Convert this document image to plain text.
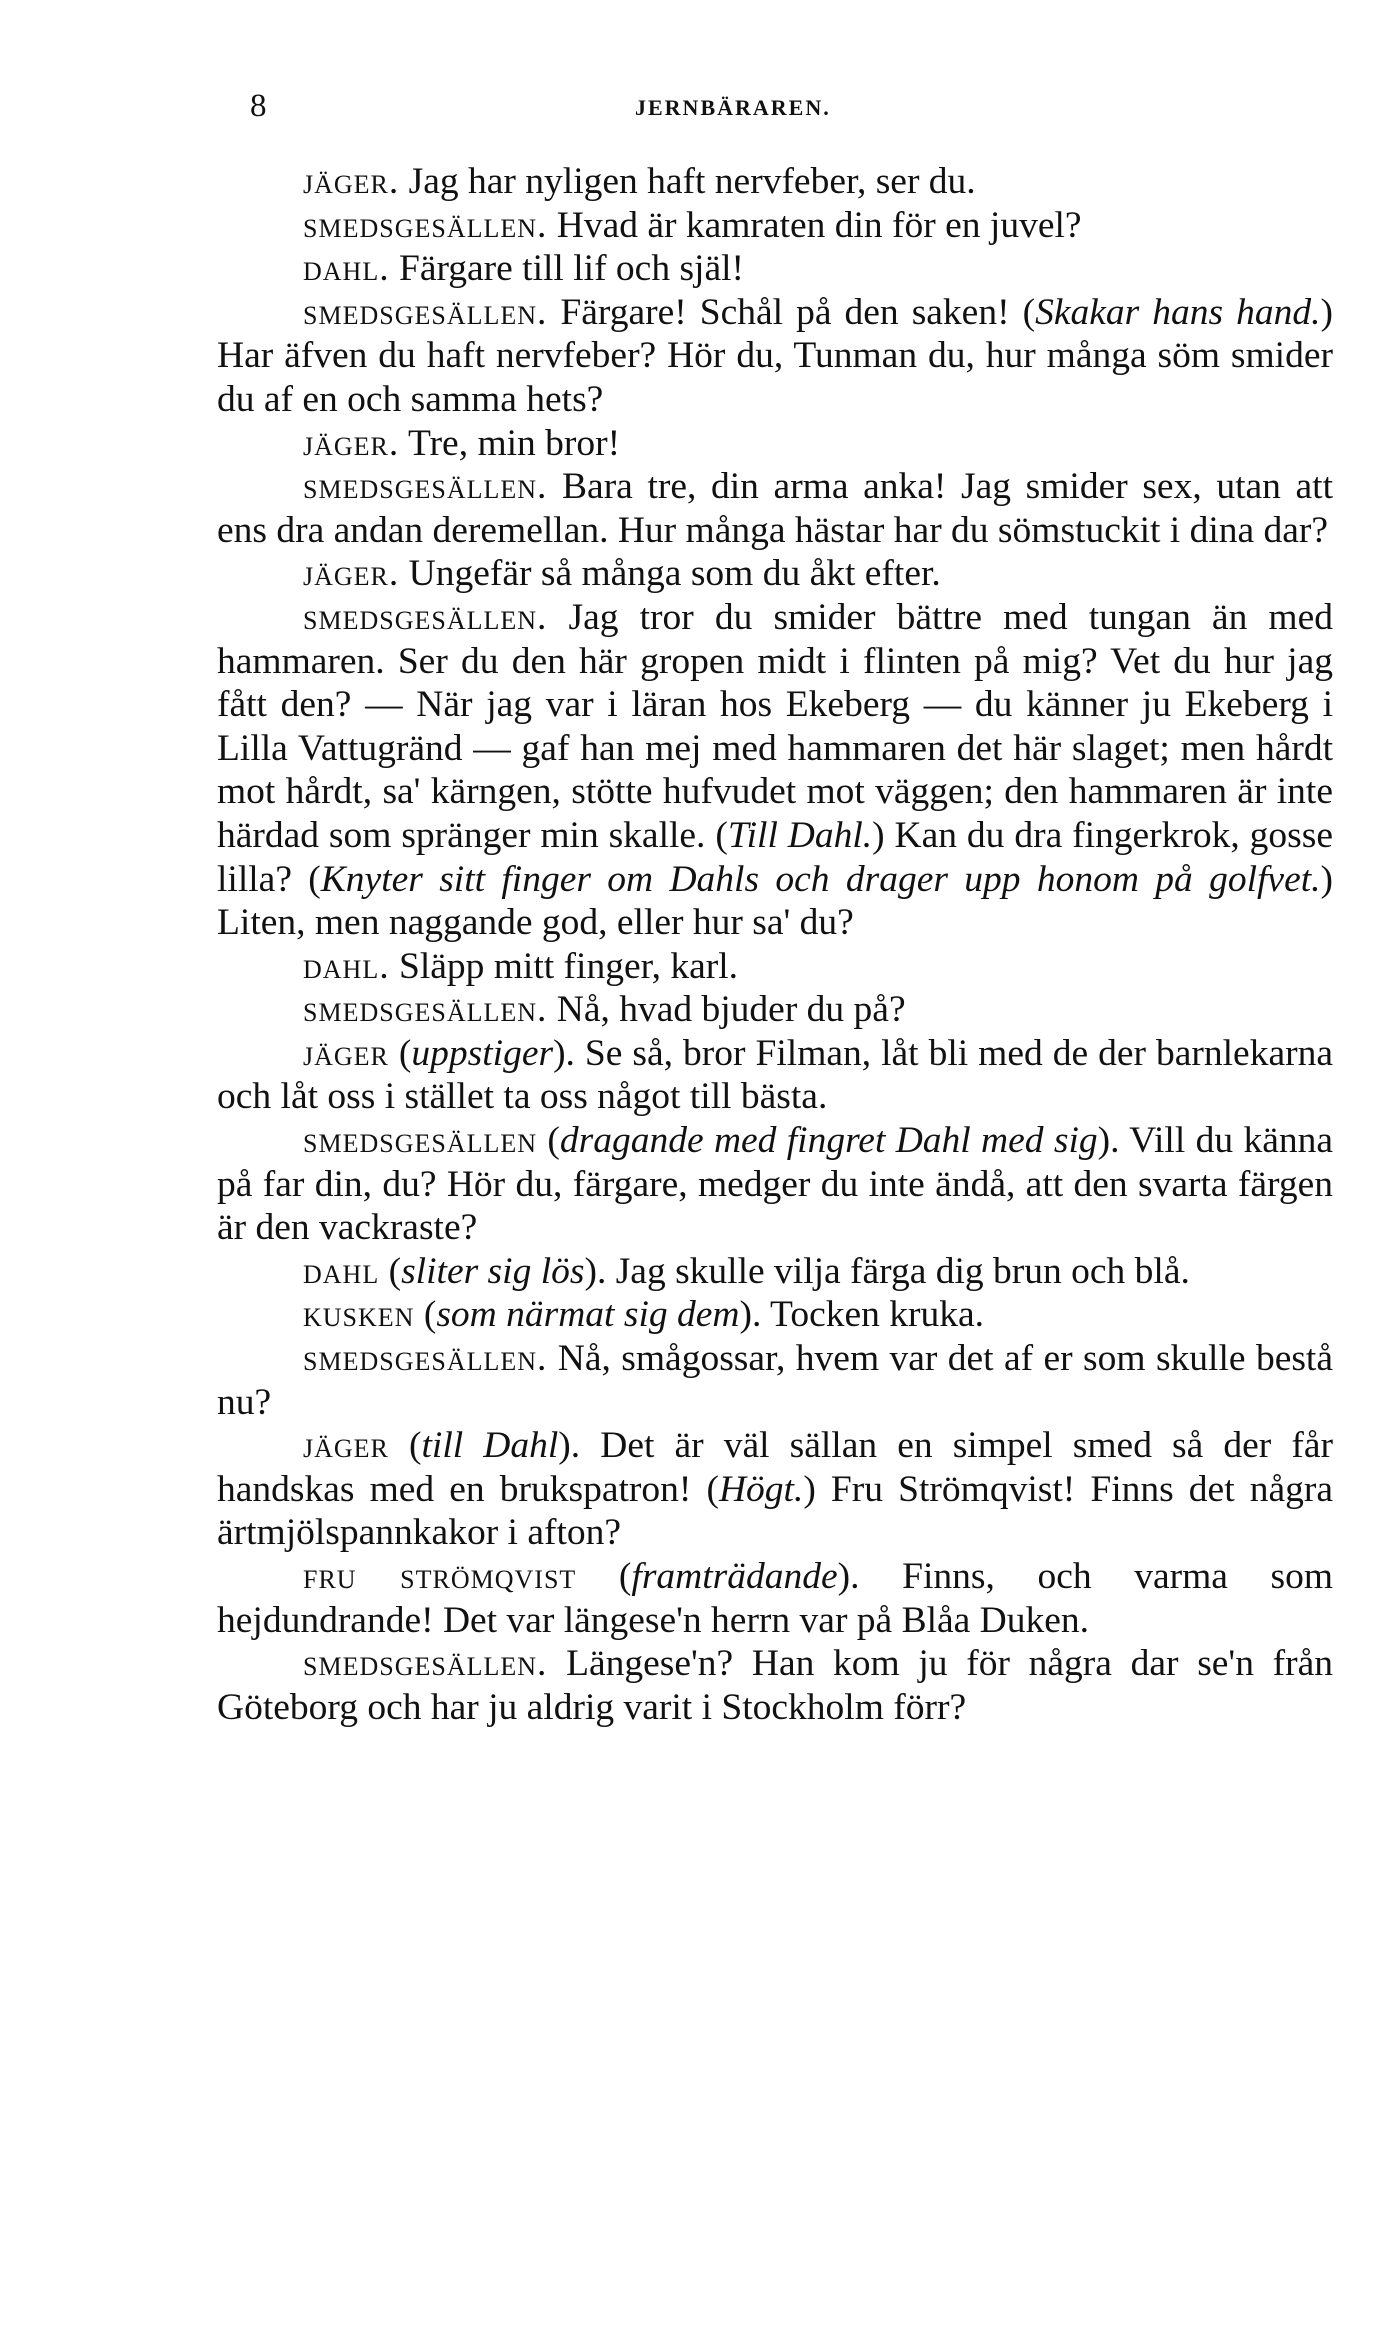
8	JERNBÄRAREN.

jäger. Jag har nyligen haft nervfeber, ser du.

smedsgesällen. Hvad är kamraten din för en juvel?

dahl. Färgare till lif och själ!

smedsgesällen. Färgare! Schål på den saken! (Skakar hans hand.) Har äfven du haft nervfeber? Hör du, Tunman du, hur många söm smider du af en och samma hets?

jäger. Tre, min bror!

smedsgesällen. Bara tre, din arma anka! Jag smider sex, utan att ens dra andan deremellan. Hur många hästar har du sömstuckit i dina dar?

jäger. Ungefär så många som du åkt efter.

smedsgesällen. Jag tror du smider bättre med tungan än med hammaren. Ser du den här gropen midt i flinten på mig? Vet du hur jag fått den? — När jag var i läran hos Ekeberg — du känner ju Ekeberg i Lilla Vattugränd — gaf han mej med hammaren det här slaget; men hårdt mot hårdt, sa' kärngen, stötte hufvudet mot väggen; den hammaren är inte härdad som spränger min skalle. (Till Dahl.) Kan du dra fingerkrok, gosse lilla? (Knyter sitt finger om Dahls och drager upp honom på golfvet.) Liten, men naggande god, eller hur sa' du?

dahl. Släpp mitt finger, karl.

smedsgesällen. Nå, hvad bjuder du på?

jäger (uppstiger). Se så, bror Filman, låt bli med de der barnlekarna och låt oss i stället ta oss något till bästa.

smedsgesällen (dragande med fingret Dahl med sig). Vill du känna på far din, du? Hör du, färgare, medger du inte ändå, att den svarta färgen är den vackraste?

dahl (sliter sig lös). Jag skulle vilja färga dig brun och blå.

kusken (som närmat sig dem). Tocken kruka.

smedsgesällen. Nå, smågossar, hvem var det af er som skulle bestå nu?

jäger (till Dahl). Det är väl sällan en simpel smed så der får handskas med en brukspatron! (Högt.) Fru Strömqvist! Finns det några ärtmjölspannkakor i afton?

fru strömqvist (framträdande). Finns, och varma som hejdundrande! Det var längese'n herrn var på Blåa Duken.

smedsgesällen. Längese'n? Han kom ju för några dar se'n från Göteborg och har ju aldrig varit i Stockholm förr?
